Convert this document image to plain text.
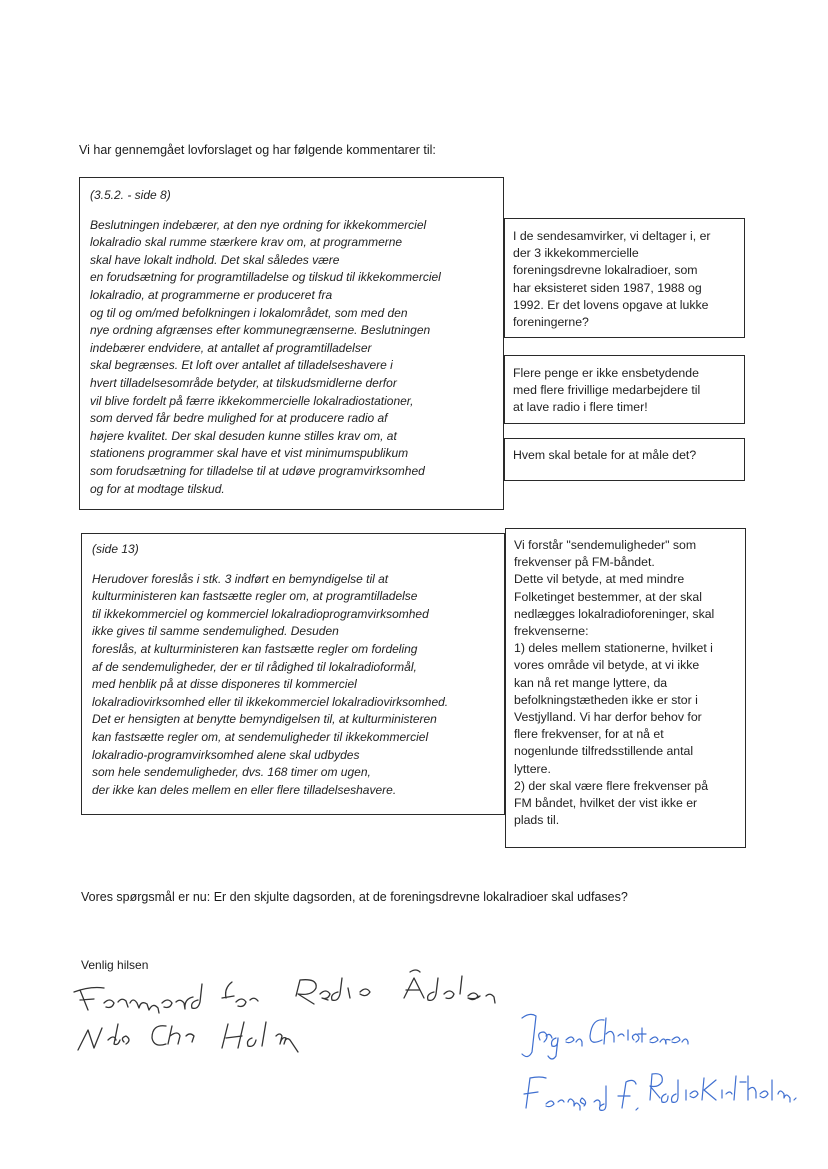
Vi har gennemgået lovforslaget og har følgende kommentarer til:
(3.5.2. - side 8)
Beslutningen indebærer, at den nye ordning for ikkekommerciel
lokalradio skal rumme stærkere krav om, at programmerne
skal have lokalt indhold. Det skal således være
en forudsætning for programtilladelse og tilskud til ikkekommerciel
lokalradio, at programmerne er produceret fra
og til og om/med befolkningen i lokalområdet, som med den
nye ordning afgrænses efter kommunegrænserne. Beslutningen
indebærer endvidere, at antallet af programtilladelser
skal begrænses. Et loft over antallet af tilladelseshavere i
hvert tilladelsesområde betyder, at tilskudsmidlerne derfor
vil blive fordelt på færre ikkekommercielle lokalradiostationer,
som derved får bedre mulighed for at producere radio af
højere kvalitet. Der skal desuden kunne stilles krav om, at
stationens programmer skal have et vist minimumspublikum
som forudsætning for tilladelse til at udøve programvirksomhed
og for at modtage tilskud.
I de sendesamvirker, vi deltager i, er
der 3 ikkekommercielle
foreningsdrevne lokalradioer, som
har eksisteret siden 1987, 1988 og
1992. Er det lovens opgave at lukke
foreningerne?
Flere penge er ikke ensbetydende
med flere frivillige medarbejdere til
at lave radio i flere timer!
Hvem skal betale for at måle det?
(side 13)
Herudover foreslås i stk. 3 indført en bemyndigelse til at
kulturministeren kan fastsætte regler om, at programtilladelse
til ikkekommerciel og kommerciel lokalradioprogramvirksomhed
ikke gives til samme sendemulighed. Desuden
foreslås, at kulturministeren kan fastsætte regler om fordeling
af de sendemuligheder, der er til rådighed til lokalradioformål,
med henblik på at disse disponeres til kommerciel
lokalradiovirksomhed eller til ikkekommerciel lokalradiovirksomhed.
Det er hensigten at benytte bemyndigelsen til, at kulturministeren
kan fastsætte regler om, at sendemuligheder til ikkekommerciel
lokalradio-programvirksomhed alene skal udbydes
som hele sendemuligheder, dvs. 168 timer om ugen,
der ikke kan deles mellem en eller flere tilladelseshavere.
Vi forstår "sendemuligheder" som
frekvenser på FM-båndet.
Dette vil betyde, at med mindre
Folketinget bestemmer, at der skal
nedlægges lokalradioforeninger, skal
frekvenserne:
1) deles mellem stationerne, hvilket i
vores område vil betyde, at vi ikke
kan nå ret mange lyttere, da
befolkningstætheden ikke er stor i
Vestjylland. Vi har derfor behov for
flere frekvenser, for at nå et
nogenlunde tilfredsstillende antal
lyttere.
2) der skal være flere frekvenser på
FM båndet, hvilket der vist ikke er
plads til.
Vores spørgsmål er nu: Er den skjulte dagsorden, at de foreningsdrevne lokalradioer skal udfases?
Venlig hilsen
